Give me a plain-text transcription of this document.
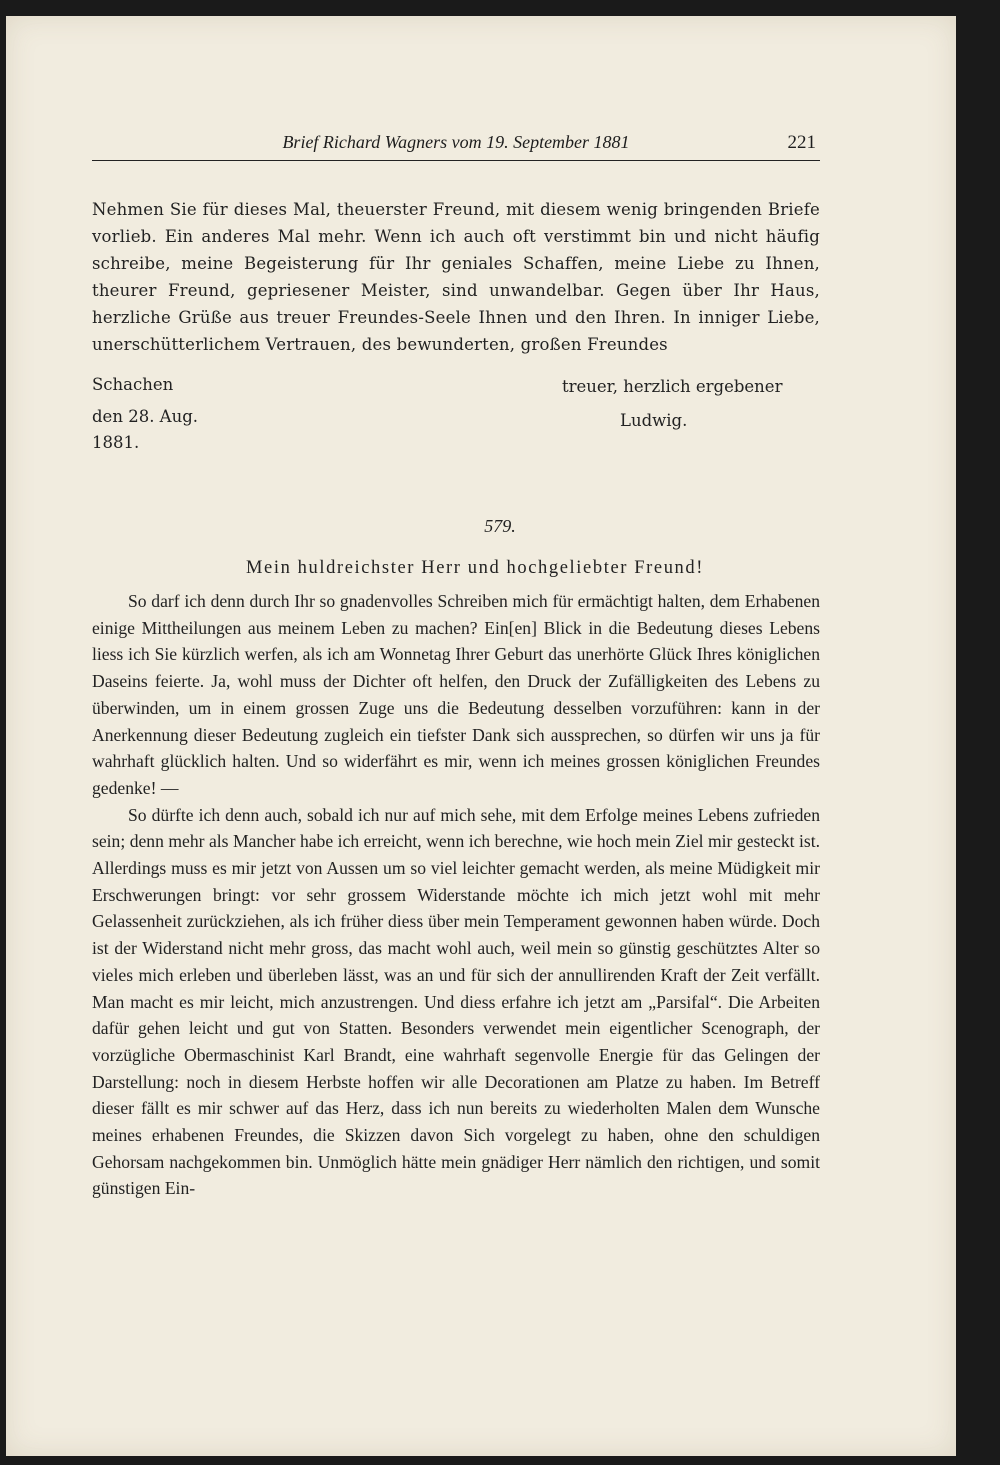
Brief Richard Wagners vom 19. September 1881	221

Nehmen Sie für dieses Mal, theuerster Freund, mit diesem wenig bringenden Briefe vorlieb. Ein anderes Mal mehr. Wenn ich auch oft verstimmt bin und nicht häufig schreibe, meine Begeisterung für Ihr geniales Schaffen, meine Liebe zu Ihnen, theurer Freund, gepriesener Meister, sind unwandelbar. Gegen über Ihr Haus, herzliche Grüße aus treuer Freundes-Seele Ihnen und den Ihren. In inniger Liebe, unerschütterlichem Vertrauen, des bewunderten, großen Freundes

Schachen
den 28. Aug.
1881.
treuer, herzlich ergebener
Ludwig.
579.
Mein huldreichster Herr und hochgeliebter Freund!

So darf ich denn durch Ihr so gnadenvolles Schreiben mich für ermächtigt halten, dem Erhabenen einige Mittheilungen aus meinem Leben zu machen? Ein[en] Blick in die Bedeutung dieses Lebens liess ich Sie kürzlich werfen, als ich am Wonnetag Ihrer Geburt das unerhörte Glück Ihres königlichen Daseins feierte. Ja, wohl muss der Dichter oft helfen, den Druck der Zufälligkeiten des Lebens zu überwinden, um in einem grossen Zuge uns die Bedeutung desselben vorzuführen: kann in der Anerkennung dieser Bedeutung zugleich ein tiefster Dank sich aussprechen, so dürfen wir uns ja für wahrhaft glücklich halten. Und so widerfährt es mir, wenn ich meines grossen königlichen Freundes gedenke! —

So dürfte ich denn auch, sobald ich nur auf mich sehe, mit dem Erfolge meines Lebens zufrieden sein; denn mehr als Mancher habe ich erreicht, wenn ich berechne, wie hoch mein Ziel mir gesteckt ist. Allerdings muss es mir jetzt von Aussen um so viel leichter gemacht werden, als meine Müdigkeit mir Erschwerungen bringt: vor sehr grossem Widerstande möchte ich mich jetzt wohl mit mehr Gelassenheit zurückziehen, als ich früher diess über mein Temperament gewonnen haben würde. Doch ist der Widerstand nicht mehr gross, das macht wohl auch, weil mein so günstig geschütztes Alter so vieles mich erleben und überleben lässt, was an und für sich der annullirenden Kraft der Zeit verfällt. Man macht es mir leicht, mich anzustrengen. Und diess erfahre ich jetzt am „Parsifal“. Die Arbeiten dafür gehen leicht und gut von Statten. Besonders verwendet mein eigentlicher Scenograph, der vorzügliche Obermaschinist Karl Brandt, eine wahrhaft segenvolle Energie für das Gelingen der Darstellung: noch in diesem Herbste hoffen wir alle Decorationen am Platze zu haben. Im Betreff dieser fällt es mir schwer auf das Herz, dass ich nun bereits zu wiederholten Malen dem Wunsche meines erhabenen Freundes, die Skizzen davon Sich vorgelegt zu haben, ohne den schuldigen Gehorsam nachgekommen bin. Unmöglich hätte mein gnädiger Herr nämlich den richtigen, und somit günstigen Ein-
